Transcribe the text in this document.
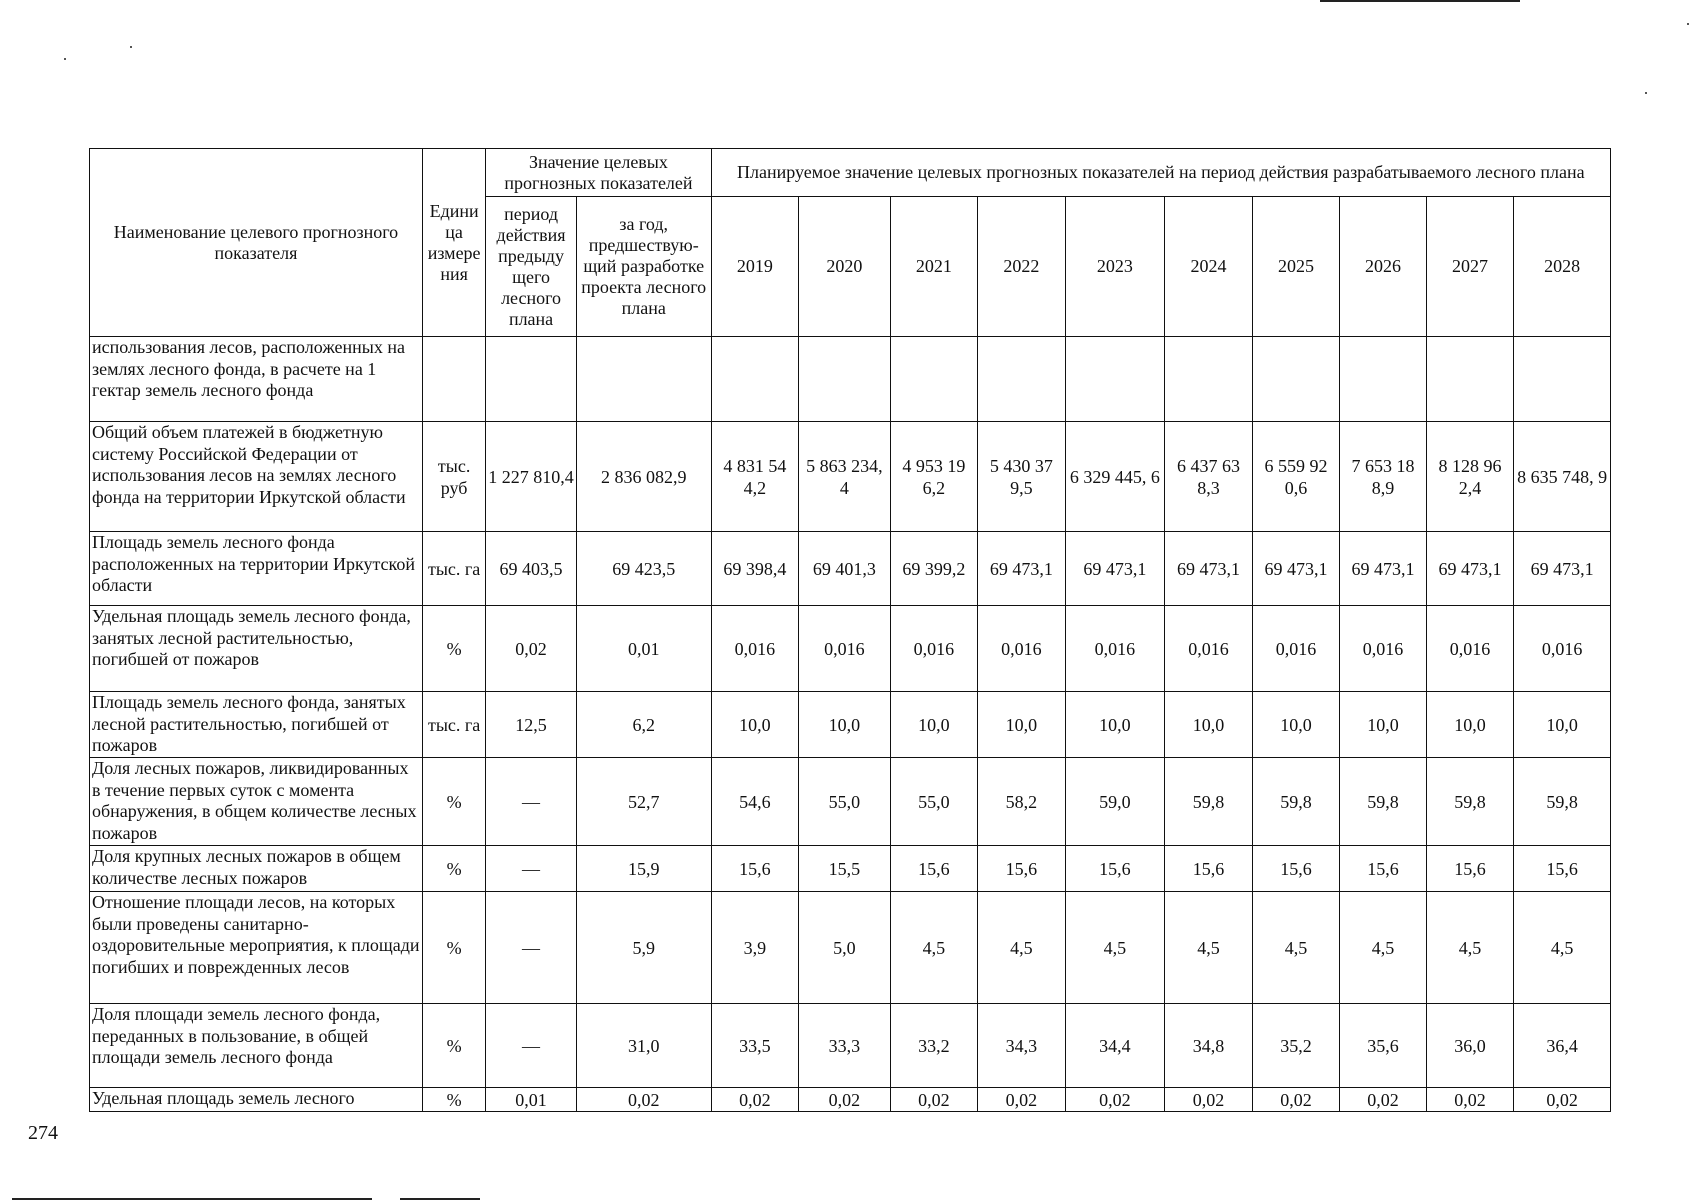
Наименование целевого прогнозного показателя	Едини ца измере ния	Значение целевых прогнозных показателей		Планируемое значение целевых прогнозных показателей на период действия разрабатываемого лесного плана									
		период действия предыду щего лесного плана	за год, предшествую-щий разработке проекта лесного плана	2019	2020	2021	2022	2023	2024	2025	2026	2027	2028
использования лесов, расположенных на землях лесного фонда, в расчете на 1 гектар земель лесного фонда													
Общий объем платежей в бюджетную систему Российской Федерации от использования лесов на землях лесного фонда на территории Иркутской области	тыс. руб	1 227 810,4	2 836 082,9	4 831 54 4,2	5 863 234, 4	4 953 19 6,2	5 430 37 9,5	6 329 445, 6	6 437 63 8,3	6 559 92 0,6	7 653 18 8,9	8 128 96 2,4	8 635 748, 9
Площадь земель лесного фонда расположенных на территории Иркутской области	тыс. га	69 403,5	69 423,5	69 398,4	69 401,3	69 399,2	69 473,1	69 473,1	69 473,1	69 473,1	69 473,1	69 473,1	69 473,1
Удельная площадь земель лесного фонда, занятых лесной растительностью, погибшей от пожаров	%	0,02	0,01	0,016	0,016	0,016	0,016	0,016	0,016	0,016	0,016	0,016	0,016
Площадь земель лесного фонда, занятых лесной растительностью, погибшей от пожаров	тыс. га	12,5	6,2	10,0	10,0	10,0	10,0	10,0	10,0	10,0	10,0	10,0	10,0
Доля лесных пожаров, ликвидированных в течение первых суток с момента обнаружения, в общем количестве лесных пожаров	%	—	52,7	54,6	55,0	55,0	58,2	59,0	59,8	59,8	59,8	59,8	59,8
Доля крупных лесных пожаров в общем количестве лесных пожаров	%	—	15,9	15,6	15,5	15,6	15,6	15,6	15,6	15,6	15,6	15,6	15,6
Отношение площади лесов, на которых были проведены санитарно-оздоровительные мероприятия, к площади погибших и поврежденных лесов	%	—	5,9	3,9	5,0	4,5	4,5	4,5	4,5	4,5	4,5	4,5	4,5
Доля площади земель лесного фонда, переданных в пользование, в общей площади земель лесного фонда	%	—	31,0	33,5	33,3	33,2	34,3	34,4	34,8	35,2	35,6	36,0	36,4
Удельная площадь земель лесного	%	0,01	0,02	0,02	0,02	0,02	0,02	0,02	0,02	0,02	0,02	0,02	0,02
274
